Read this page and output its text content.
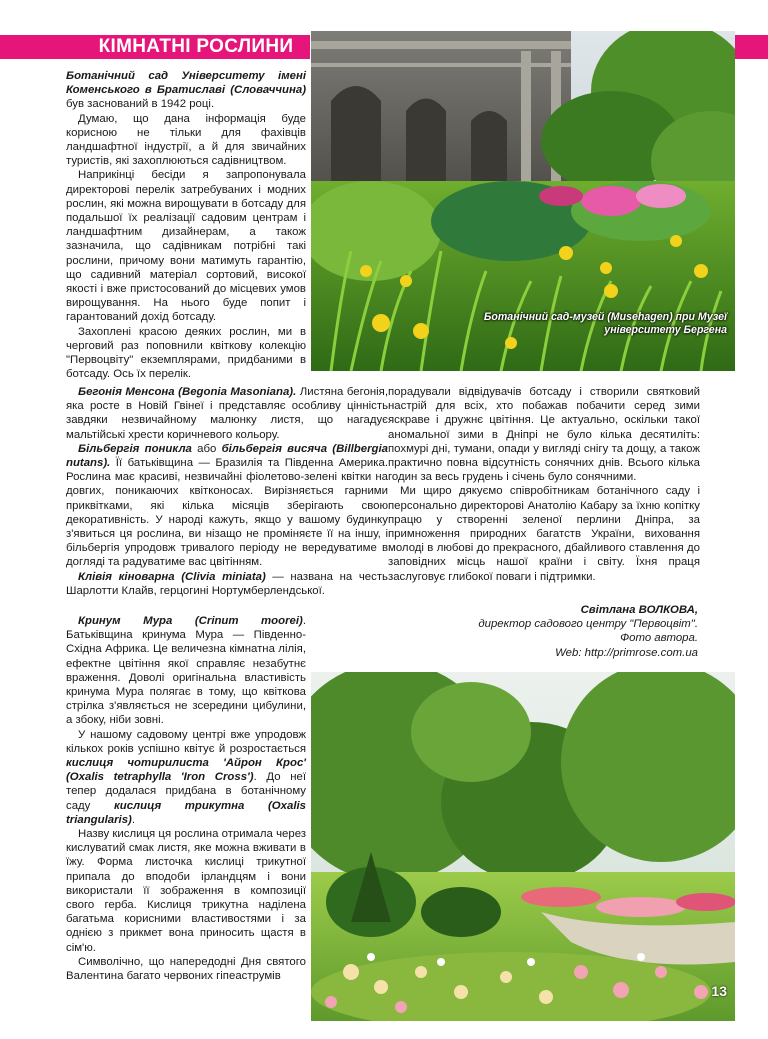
КІМНАТНІ РОСЛИНИ

Ботанічний сад Університету імені Коменського в Братиславі (Словаччина) був заснований в 1942 році.

Думаю, що дана інформація буде корисною не тільки для фахівців ландшафтної індустрії, а й для звичайних туристів, які захоплюються садівництвом.

Наприкінці бесіди я запропонувала директорові перелік затребуваних і модних рослин, які можна вирощувати в ботсаду для подальшої їх реалізації садовим центрам і ландшафтним дизайнерам, а також зазначила, що садівникам потрібні такі рослини, причому вони матимуть гарантію, що садивний матеріал сортовий, високої якості і вже пристосований до місцевих умов вирощування. На нього буде попит і гарантований дохід ботсаду.

Захоплені красою деяких рослин, ми в черговий раз поповнили квіткову колекцію "Первоцвіту" екземплярами, придбаними в ботсаду. Ось їх перелік.

Бегонія Менсона (Begonia Masoniana). Листяна бегонія, яка росте в Новій Гвінеї і представляє особливу цінність завдяки незвичайному малюнку листя, що нагадує мальтійські хрести коричневого кольору.

Більбергія поникла або більбергія висяча (Billbergia nutans). Її батьківщина — Бразилія та Південна Америка. Рослина має красиві, незвичайні фіолетово-зелені квітки на довгих, поникаючих квітконосах. Вирізняється гарними приквітками, які кілька місяців зберігають свою декоративність. У народі кажуть, якщо у вашому будинку з'явиться ця рослина, ви нізащо не проміняєте її на іншу, і більбергія упродовж тривалого періоду не вередуватиме в догляді та радуватиме вас цвітінням.

Клівія кіноварна (Clivia miniata) — названа на честь Шарлотти Клайв, герцогині Нортумберлендської.

Кринум Мура (Crinum moorei). Батьківщина кринума Мура — Південно-Східна Африка. Це величезна кімнатна лілія, ефектне цвітіння якої справляє незабутнє враження. Доволі оригінальна властивість кринума Мура полягає в тому, що квіткова стрілка з'являється не зсередини цибулини, а збоку, ніби зовні.

У нашому садовому центрі вже упродовж кількох років успішно квітує й розростається кислиця чотирилиста 'Айрон Крос' (Oxalis tetraphylla 'Iron Cross'). До неї тепер додалася придбана в ботанічному саду кислиця трикутна (Oxalis triangularis).

Назву кислиця ця рослина отримала через кислуватий смак листя, яке можна вживати в їжу. Форма листочка кислиці трикутної припала до вподоби ірландцям і вони використали її зображення в композиції свого герба. Кислиця трикутна наділена багатьма корисними властивостями і за однією з прикмет вона приносить щастя в сім'ю.

Символічно, що напередодні Дня святого Валентина багато червоних гіпеаструмів

порадували відвідувачів ботсаду і створили святковий настрій для всіх, хто побажав побачити серед зими яскраве і дружнє цвітіння. Це актуально, оскільки такої аномальної зими в Дніпрі не було кілька десятиліть: похмурі дні, тумани, опади у вигляді снігу та дощу, а також практично повна відсутність сонячних днів. Всього кілька годин за весь грудень і січень було сонячними.

Ми щиро дякуємо співробітникам ботанічного саду і персонально директорові Анатолію Кабару за їхню копітку працю у створенні зеленої перлини Дніпра, за примноження природних багатств України, виховання молоді в любові до прекрасного, дбайливого ставлення до заповідних місць нашої країни і світу. Їхня праця заслуговує глибокої поваги і підтримки.

Світлана ВОЛКОВА,
директор садового центру "Первоцвіт".
Фото автора.
Web: http://primrose.com.ua
Ботанічний сад-музей (Musehagen) при Музеї університету Бергена
13
